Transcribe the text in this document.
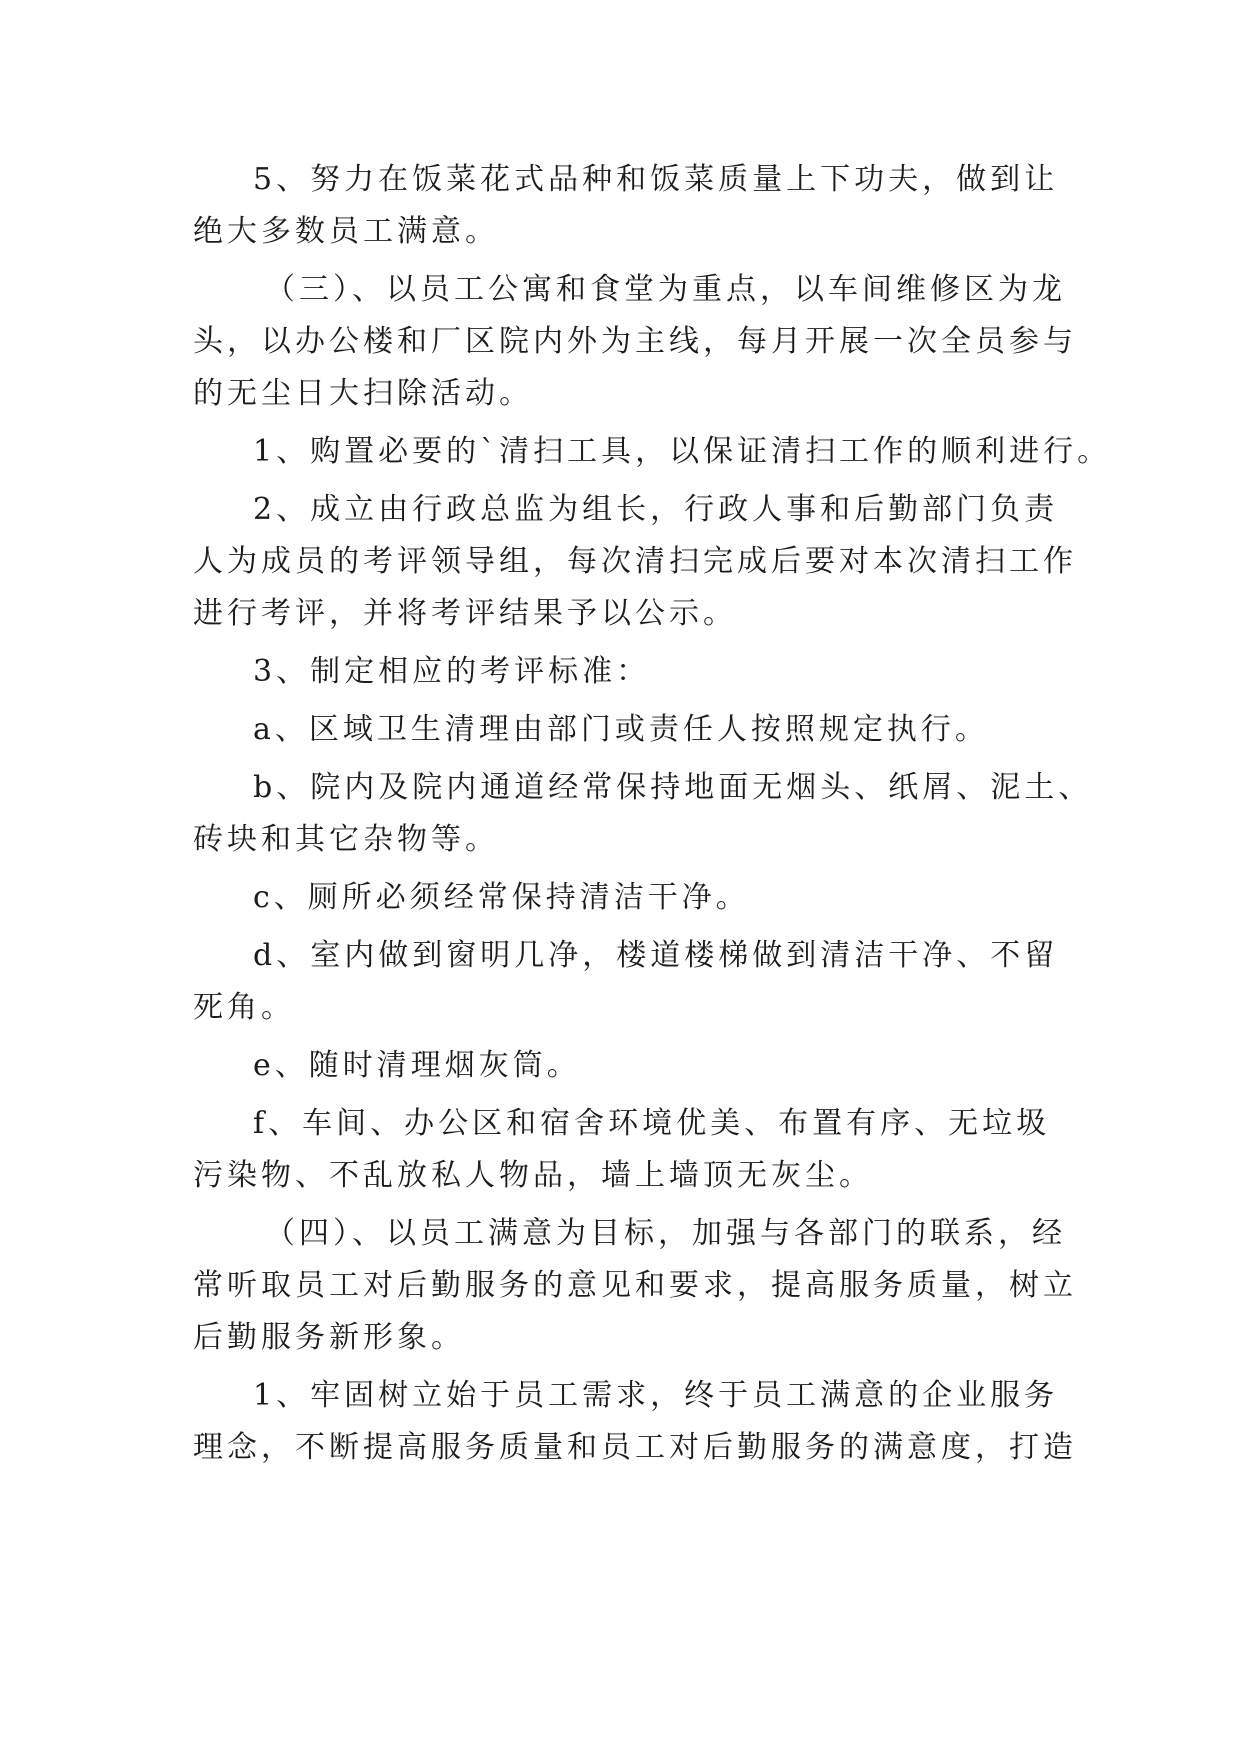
5、努力在饭菜花式品种和饭菜质量上下功夫，做到让
绝大多数员工满意。
（三）、以员工公寓和食堂为重点，以车间维修区为龙
头，以办公楼和厂区院内外为主线，每月开展一次全员参与
的无尘日大扫除活动。
1、购置必要的`清扫工具，以保证清扫工作的顺利进行。
2、成立由行政总监为组长，行政人事和后勤部门负责
人为成员的考评领导组，每次清扫完成后要对本次清扫工作
进行考评，并将考评结果予以公示。
3、制定相应的考评标准：
a、区域卫生清理由部门或责任人按照规定执行。
b、院内及院内通道经常保持地面无烟头、纸屑、泥土、
砖块和其它杂物等。
c、厕所必须经常保持清洁干净。
d、室内做到窗明几净，楼道楼梯做到清洁干净、不留
死角。
e、随时清理烟灰筒。
f、车间、办公区和宿舍环境优美、布置有序、无垃圾
污染物、不乱放私人物品，墙上墙顶无灰尘。
（四）、以员工满意为目标，加强与各部门的联系，经
常听取员工对后勤服务的意见和要求，提高服务质量，树立
后勤服务新形象。
1、牢固树立始于员工需求，终于员工满意的企业服务
理念，不断提高服务质量和员工对后勤服务的满意度，打造
